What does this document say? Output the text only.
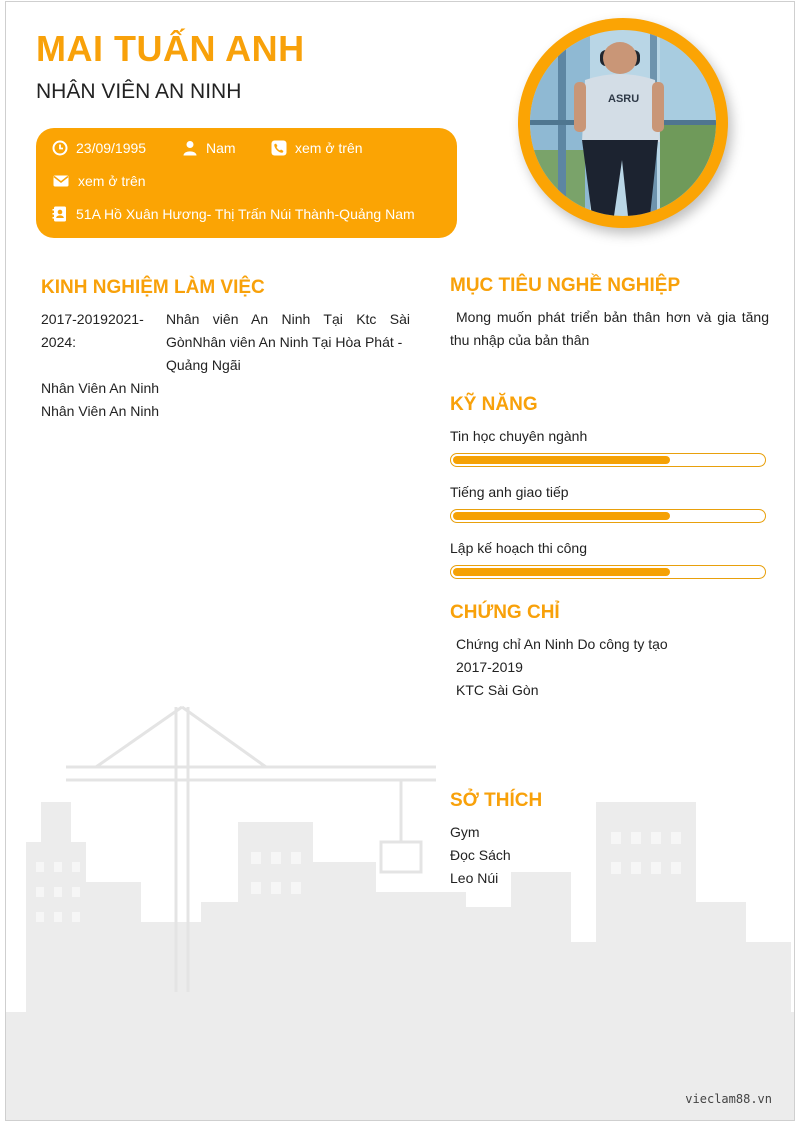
MAI TUẤN ANH
NHÂN VIÊN AN NINH
23/09/1995	Nam	xem ở trên
xem ở trên
51A Hồ Xuân Hương- Thị Trấn Núi Thành-Quảng Nam
ASRU
KINH NGHIỆM LÀM VIỆC
2017-20192021-2024:
Nhân viên An Ninh Tại Ktc Sài
GònNhân viên An Ninh Tại Hòa Phát -
Quảng Ngãi
Nhân Viên An Ninh
Nhân Viên An Ninh
MỤC TIÊU NGHỀ NGHIỆP
Mong muốn phát triển bản thân hơn và gia tăng thu nhập của bản thân
KỸ NĂNG
Tin học chuyên ngành
Tiếng anh giao tiếp
Lập kế hoạch thi công
CHỨNG CHỈ
Chứng chỉ An Ninh Do công ty tạo
2017-2019
KTC Sài Gòn
SỞ THÍCH
Gym
Đọc Sách
Leo Núi
vieclam88.vn
